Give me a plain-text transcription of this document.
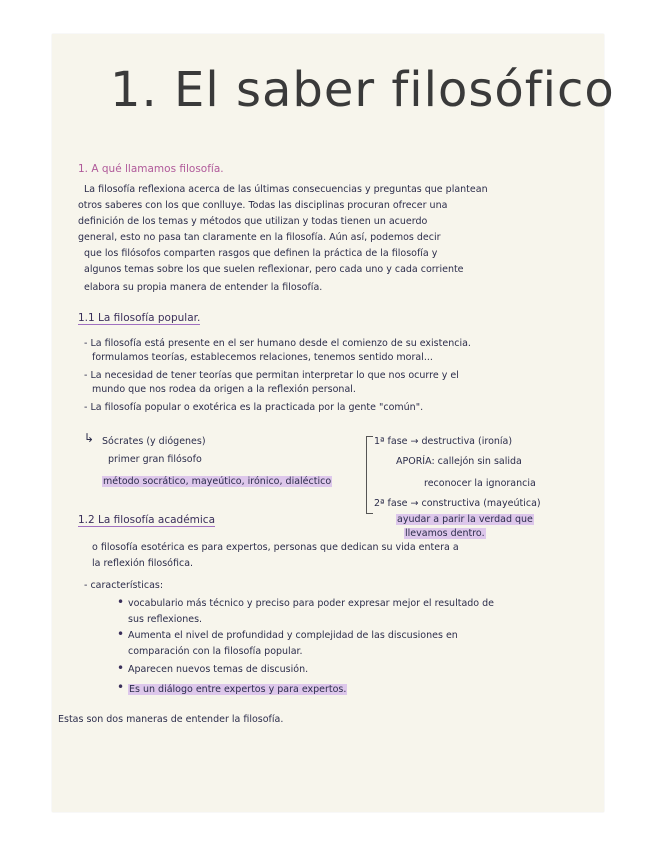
1. El saber filosófico
1. A qué llamamos filosofía.
La filosofía reflexiona acerca de las últimas consecuencias y preguntas que plantean
otros saberes con los que conlluye. Todas las disciplinas procuran ofrecer una
definición de los temas y métodos que utilizan y todas tienen un acuerdo
general, esto no pasa tan claramente en la filosofía. Aún así, podemos decir
que los filósofos comparten rasgos que definen la práctica de la filosofía y
algunos temas sobre los que suelen reflexionar, pero cada uno y cada corriente
elabora su propia manera de entender la filosofía.
1.1 La filosofía popular.
- La filosofía está presente en el ser humano desde el comienzo de su existencia.
formulamos teorías, establecemos relaciones, tenemos sentido moral...
- La necesidad de tener teorías que permitan interpretar lo que nos ocurre y el
mundo que nos rodea da origen a la reflexión personal.
- La filosofía popular o exotérica es la practicada por la gente "común".
↳ Sócrates (y diógenes)
primer gran filósofo
método socrático, mayeútico, irónico, dialéctico
1ª fase → destructiva (ironía)
APORÍA: callejón sin salida
reconocer la ignorancia
2ª fase → constructiva (mayeútica)
ayudar a parir la verdad que
llevamos dentro.
1.2 La filosofía académica
o filosofía esotérica es para expertos, personas que dedican su vida entera a
la reflexión filosófica.
- características:
• vocabulario más técnico y preciso para poder expresar mejor el resultado de
sus reflexiones.
• Aumenta el nivel de profundidad y complejidad de las discusiones en
comparación con la filosofía popular.
• Aparecen nuevos temas de discusión.
• Es un diálogo entre expertos y para expertos.
Estas son dos maneras de entender la filosofía.
